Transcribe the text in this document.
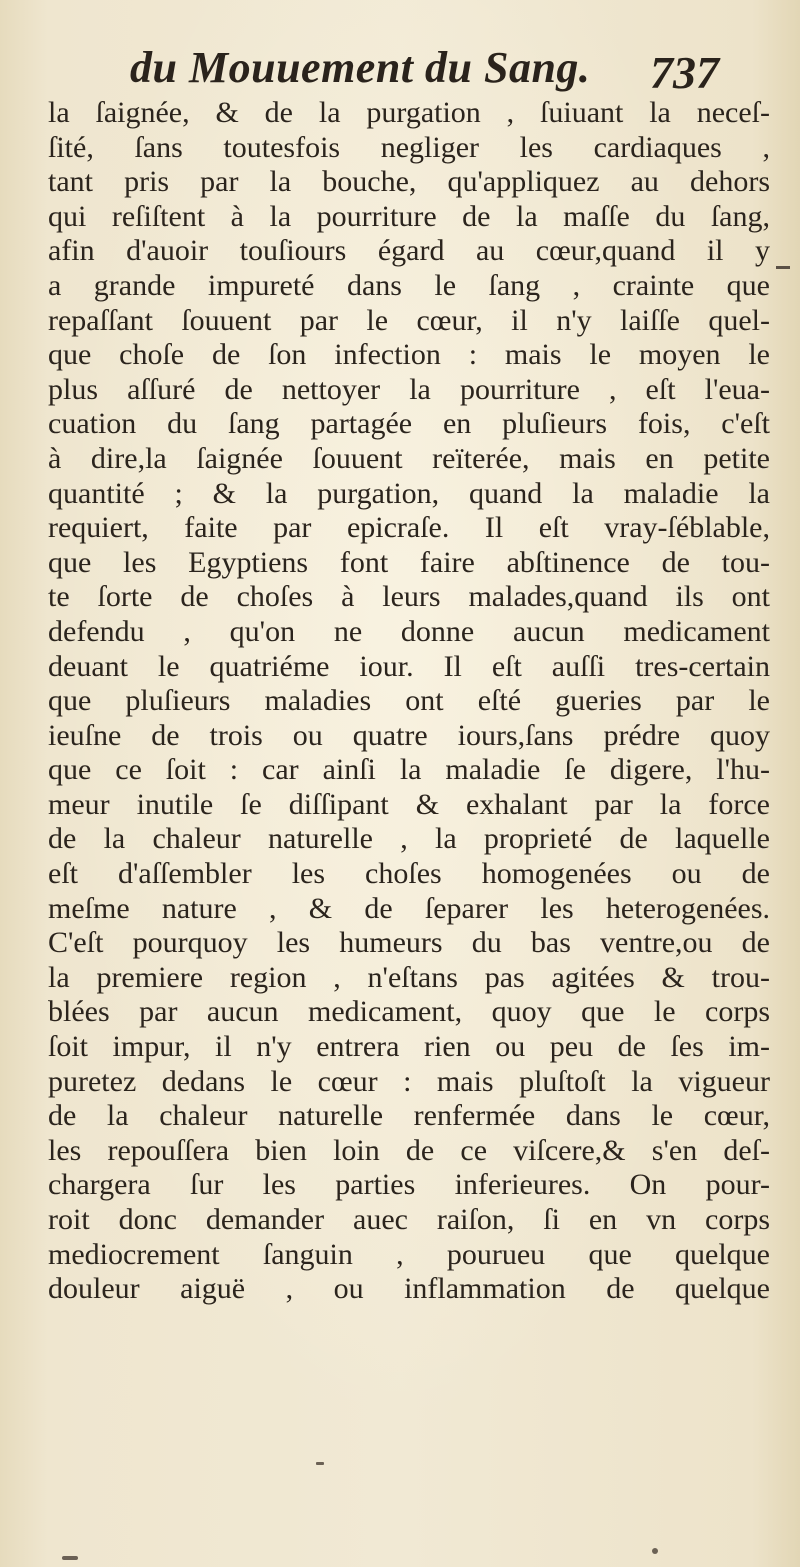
du Mouuement du Sang. 737
la ſaignée, & de la purgation , ſuiuant la neceſ-
ſité, ſans toutesfois negliger les cardiaques ,
tant pris par la bouche, qu'appliquez au dehors
qui reſiſtent à la pourriture de la maſſe du ſang,
afin d'auoir touſiours égard au cœur,quand il y
a grande impureté dans le ſang , crainte que
repaſſant ſouuent par le cœur, il n'y laiſſe quel-
que choſe de ſon infection : mais le moyen le
plus aſſuré de nettoyer la pourriture , eſt l'eua-
cuation du ſang partagée en pluſieurs fois, c'eſt
à dire,la ſaignée ſouuent reïterée, mais en petite
quantité ; & la purgation, quand la maladie la
requiert, faite par epicraſe. Il eſt vray-ſéblable,
que les Egyptiens font faire abſtinence de tou-
te ſorte de choſes à leurs malades,quand ils ont
defendu , qu'on ne donne aucun medicament
deuant le quatriéme iour. Il eſt auſſi tres-certain
que pluſieurs maladies ont eſté gueries par le
ieuſne de trois ou quatre iours,ſans prédre quoy
que ce ſoit : car ainſi la maladie ſe digere, l'hu-
meur inutile ſe diſſipant & exhalant par la force
de la chaleur naturelle , la proprieté de laquelle
eſt d'aſſembler les choſes homogenées ou de
meſme nature , & de ſeparer les heterogenées.
C'eſt pourquoy les humeurs du bas ventre,ou de
la premiere region , n'eſtans pas agitées & trou-
blées par aucun medicament, quoy que le corps
ſoit impur, il n'y entrera rien ou peu de ſes im-
puretez dedans le cœur : mais pluſtoſt la vigueur
de la chaleur naturelle renfermée dans le cœur,
les repouſſera bien loin de ce viſcere,& s'en deſ-
chargera ſur les parties inferieures. On pour-
roit donc demander auec raiſon, ſi en vn corps
mediocrement ſanguin , pourueu que quelque
douleur aiguë , ou inflammation de quelque
